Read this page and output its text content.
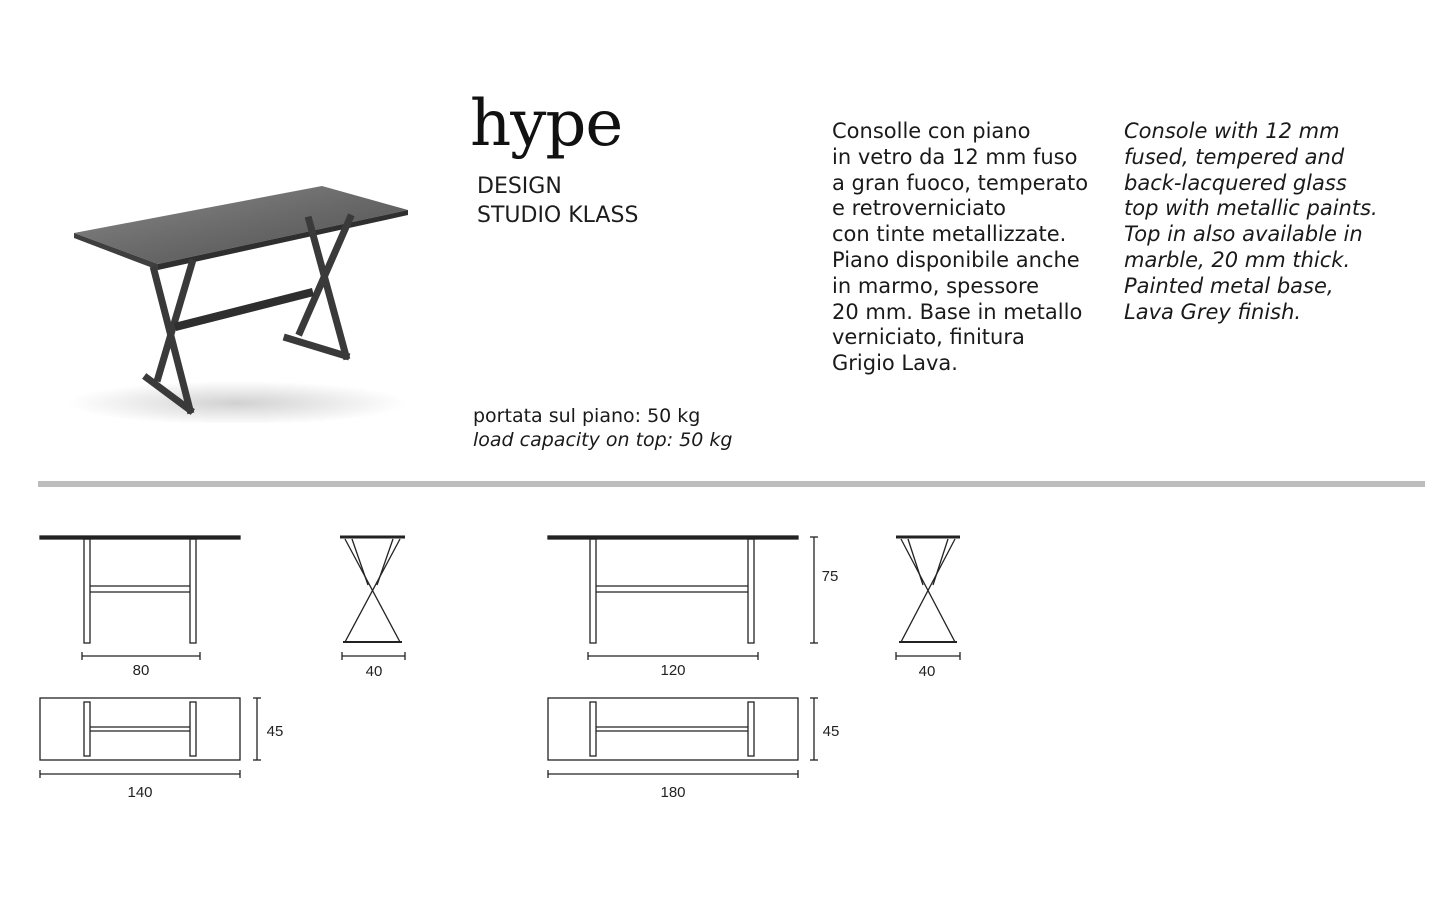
hype
DESIGN
STUDIO KLASS
Consolle con piano
in vetro da 12 mm fuso
a gran fuoco, temperato
e retroverniciato
con tinte metallizzate.
Piano disponibile anche
in marmo, spessore
20 mm. Base in metallo
verniciato, finitura
Grigio Lava.
Console with 12 mm
fused, tempered and
back-lacquered glass
top with metallic paints.
Top in also available in
marble, 20 mm thick.
Painted metal base,
Lava Grey finish.
portata sul piano: 50 kg
load capacity on top: 50 kg
80	40
140
45
120
75
40
180
45
